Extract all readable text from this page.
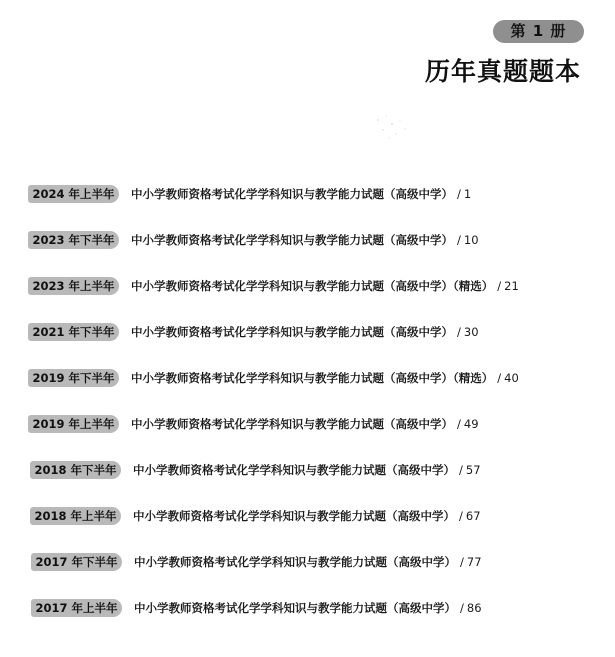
第 1 册
历年真题题本
2024 年上半年	中小学教师资格考试化学学科知识与教学能力试题（高级中学） / 1
2023 年下半年	中小学教师资格考试化学学科知识与教学能力试题（高级中学） / 10
2023 年上半年	中小学教师资格考试化学学科知识与教学能力试题（高级中学）（精选） / 21
2021 年下半年	中小学教师资格考试化学学科知识与教学能力试题（高级中学） / 30
2019 年下半年	中小学教师资格考试化学学科知识与教学能力试题（高级中学）（精选） / 40
2019 年上半年	中小学教师资格考试化学学科知识与教学能力试题（高级中学） / 49
2018 年下半年	中小学教师资格考试化学学科知识与教学能力试题（高级中学） / 57
2018 年上半年	中小学教师资格考试化学学科知识与教学能力试题（高级中学） / 67
2017 年下半年	中小学教师资格考试化学学科知识与教学能力试题（高级中学） / 77
2017 年上半年	中小学教师资格考试化学学科知识与教学能力试题（高级中学） / 86
